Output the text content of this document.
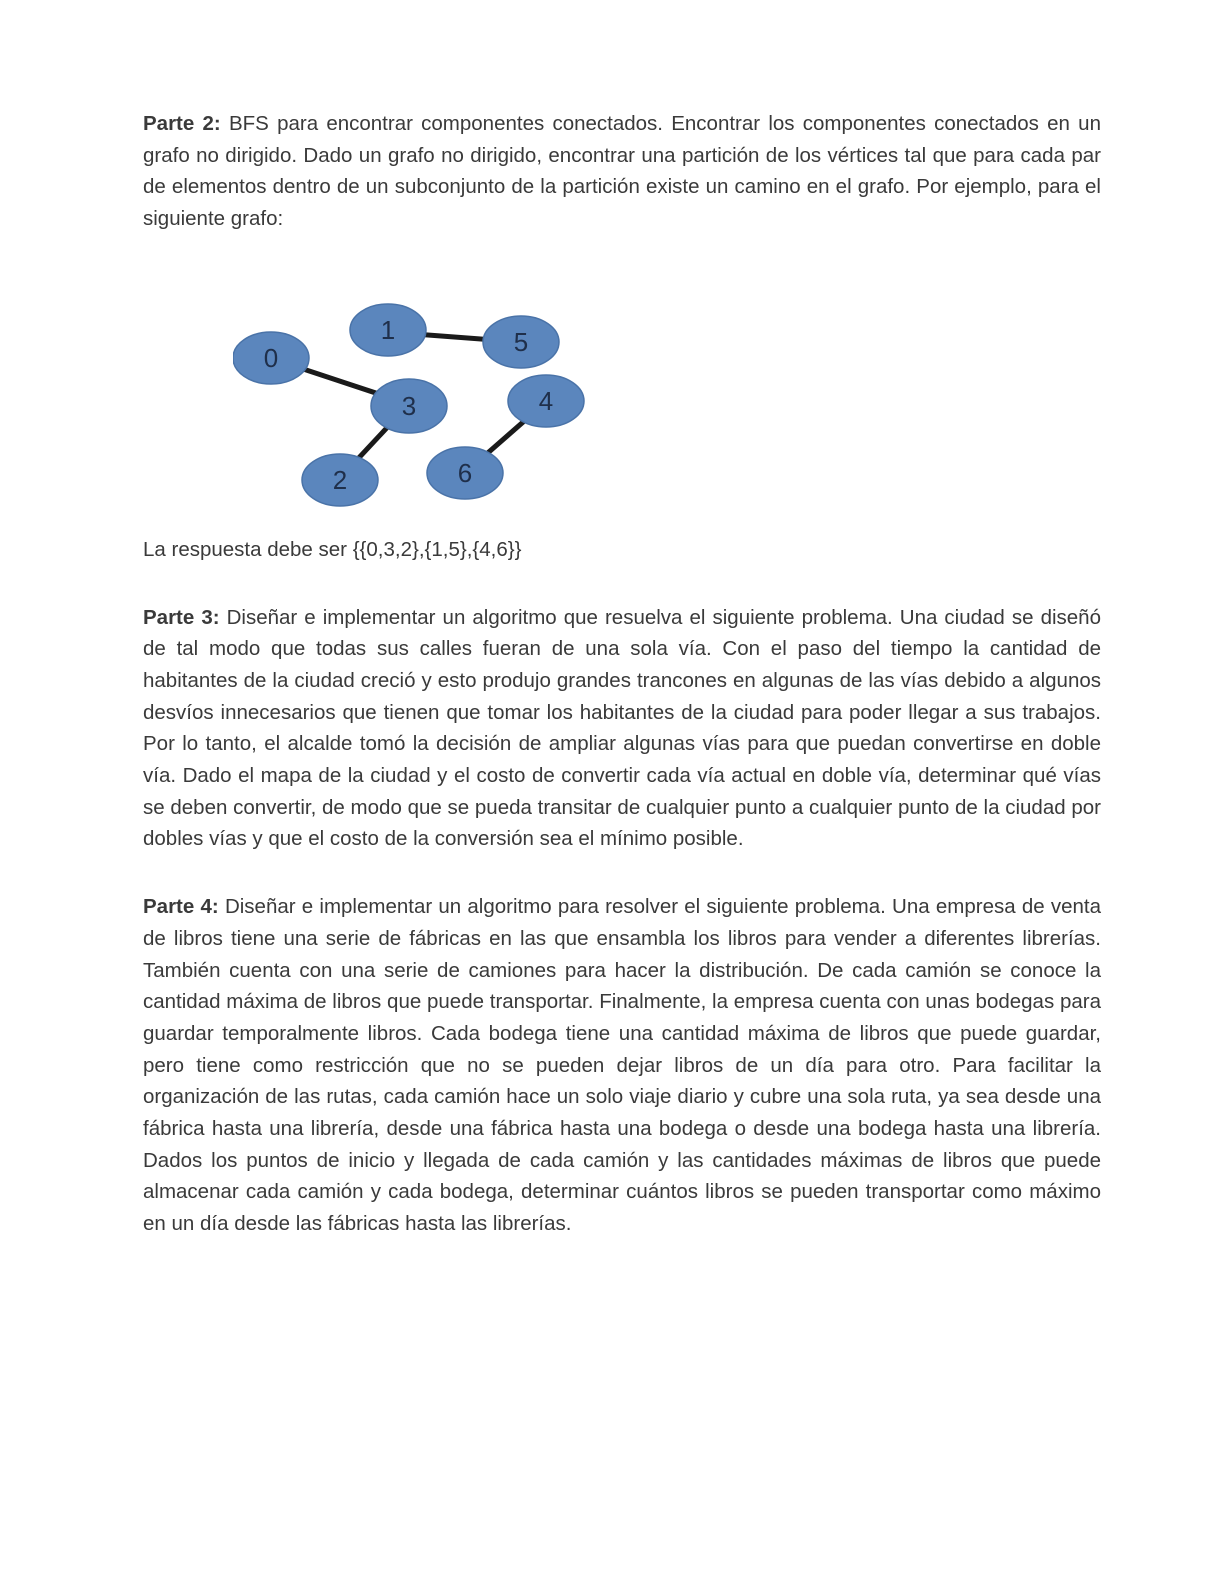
Parte 2: BFS para encontrar componentes conectados. Encontrar los componentes conectados en un grafo no dirigido. Dado un grafo no dirigido, encontrar una partición de los vértices tal que para cada par de elementos dentro de un subconjunto de la partición existe un camino en el grafo. Por ejemplo, para el siguiente grafo:

0
1	5
3	4
2	6

La respuesta debe ser {{0,3,2},{1,5},{4,6}}

Parte 3: Diseñar e implementar un algoritmo que resuelva el siguiente problema. Una ciudad se diseñó de tal modo que todas sus calles fueran de una sola vía. Con el paso del tiempo la cantidad de habitantes de la ciudad creció y esto produjo grandes trancones en algunas de las vías debido a algunos desvíos innecesarios que tienen que tomar los habitantes de la ciudad para poder llegar a sus trabajos. Por lo tanto, el alcalde tomó la decisión de ampliar algunas vías para que puedan convertirse en doble vía. Dado el mapa de la ciudad y el costo de convertir cada vía actual en doble vía, determinar qué vías se deben convertir, de modo que se pueda transitar de cualquier punto a cualquier punto de la ciudad por dobles vías y que el costo de la conversión sea el mínimo posible.

Parte 4: Diseñar e implementar un algoritmo para resolver el siguiente problema. Una empresa de venta de libros tiene una serie de fábricas en las que ensambla los libros para vender a diferentes librerías. También cuenta con una serie de camiones para hacer la distribución. De cada camión se conoce la cantidad máxima de libros que puede transportar. Finalmente, la empresa cuenta con unas bodegas para guardar temporalmente libros. Cada bodega tiene una cantidad máxima de libros que puede guardar, pero tiene como restricción que no se pueden dejar libros de un día para otro. Para facilitar la organización de las rutas, cada camión hace un solo viaje diario y cubre una sola ruta, ya sea desde una fábrica hasta una librería, desde una fábrica hasta una bodega o desde una bodega hasta una librería. Dados los puntos de inicio y llegada de cada camión y las cantidades máximas de libros que puede almacenar cada camión y cada bodega, determinar cuántos libros se pueden transportar como máximo en un día desde las fábricas hasta las librerías.
